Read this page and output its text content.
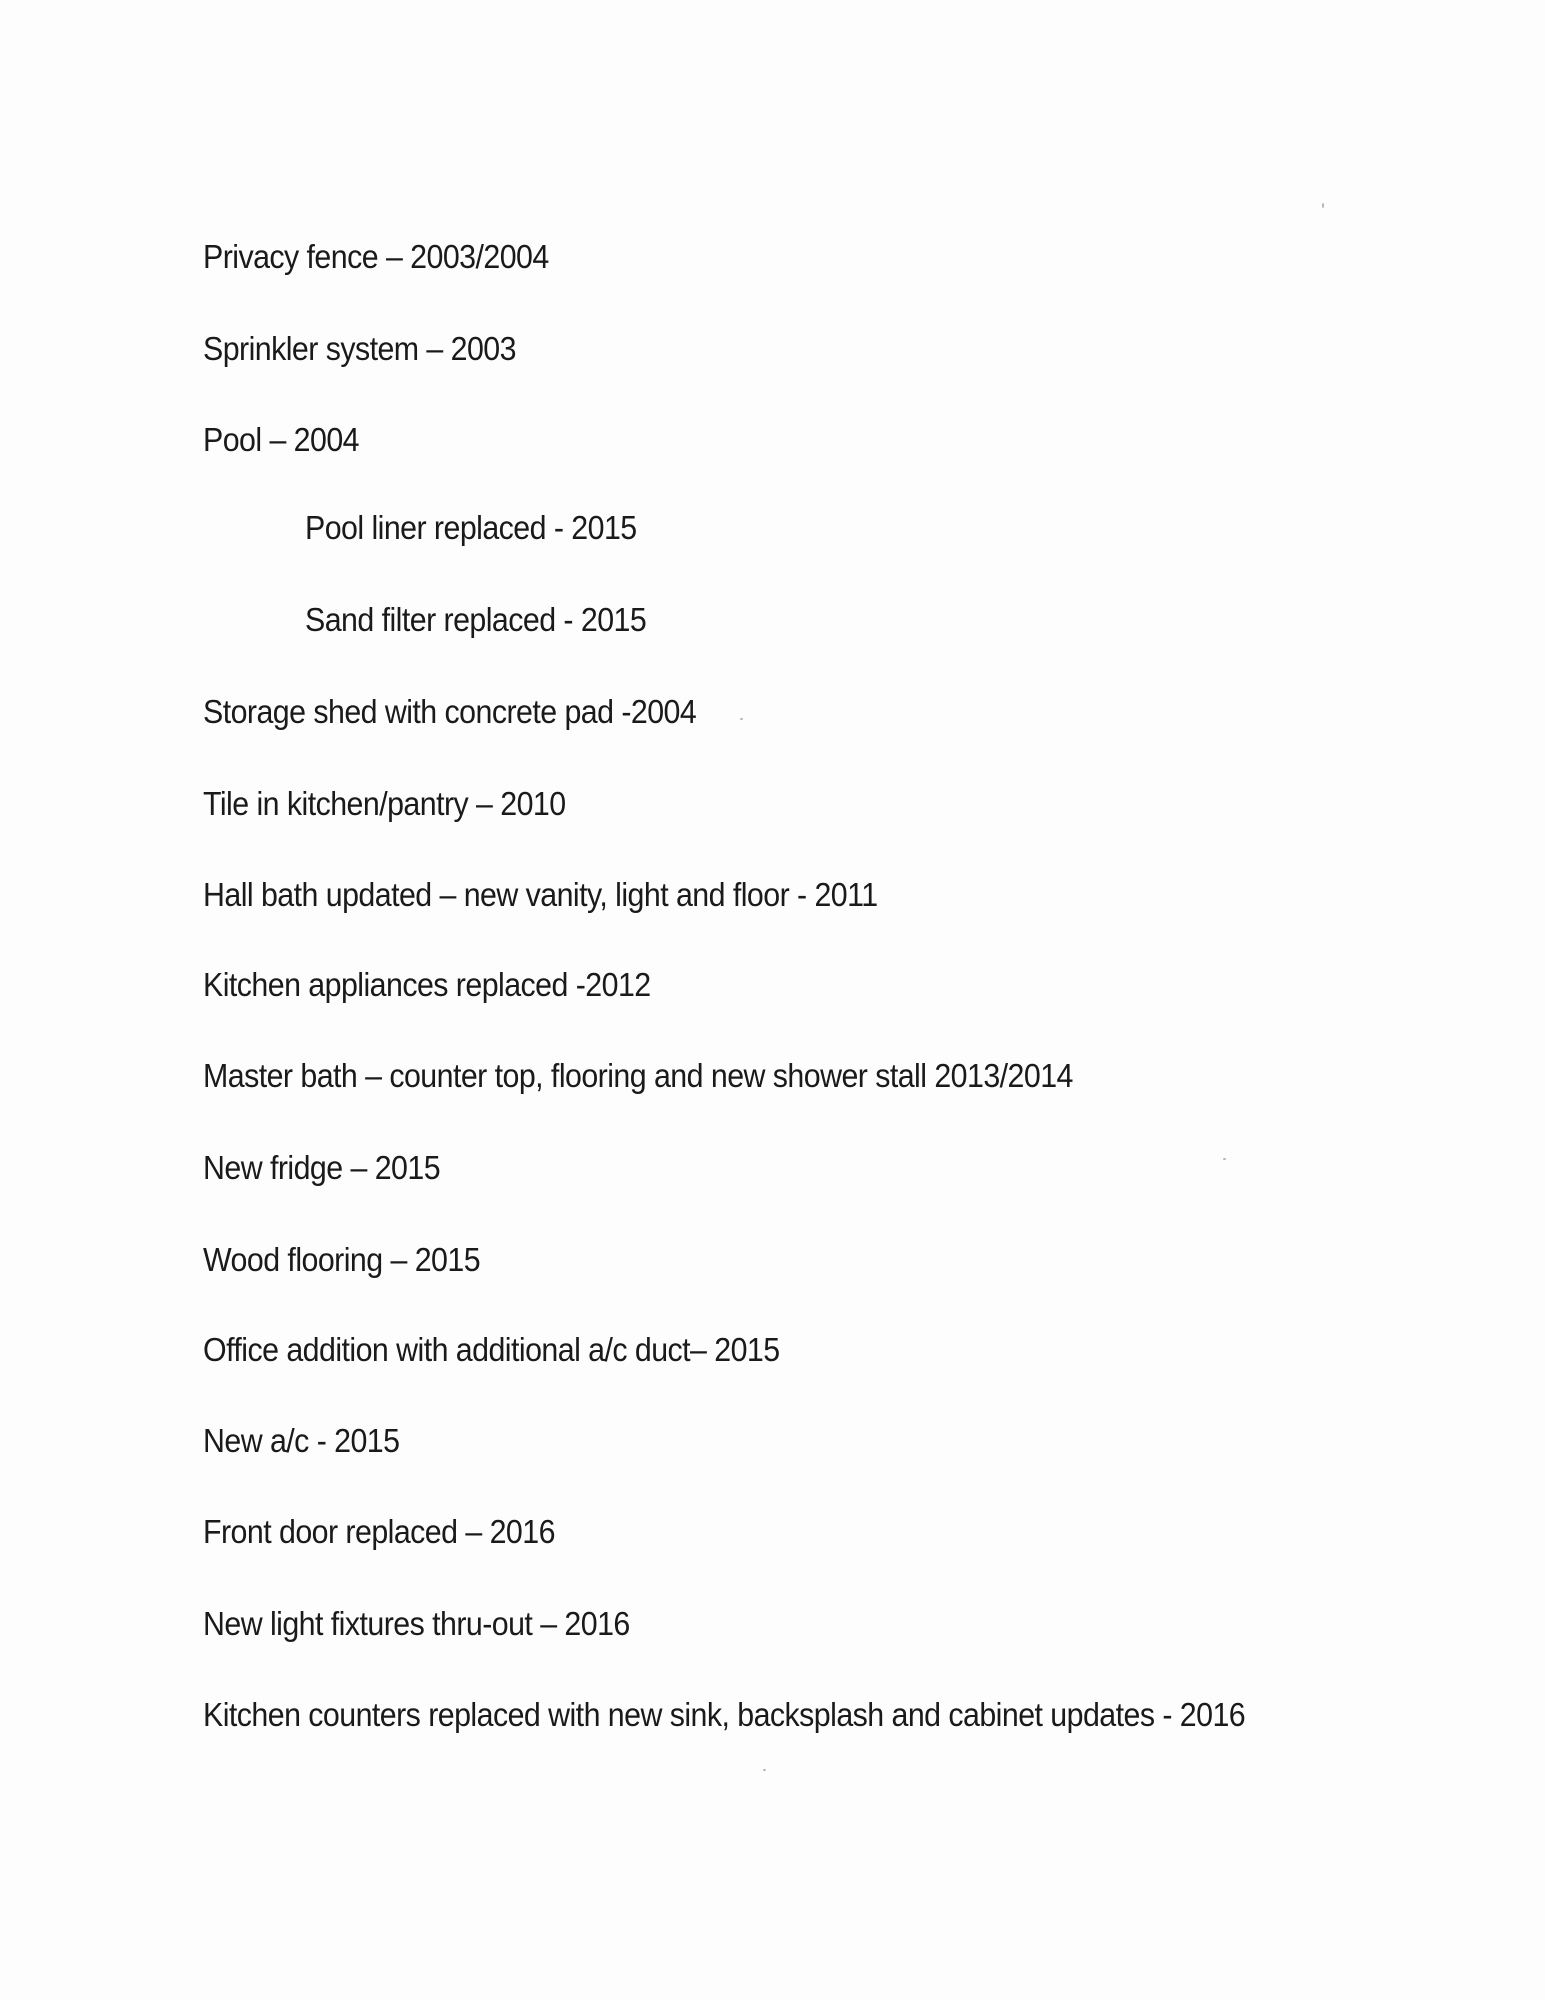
Privacy fence – 2003/2004
Sprinkler system – 2003
Pool – 2004
Pool liner replaced - 2015
Sand filter replaced - 2015
Storage shed with concrete pad -2004
Tile in kitchen/pantry – 2010
Hall bath updated – new vanity, light and floor - 2011
Kitchen appliances replaced -2012
Master bath – counter top, flooring and new shower stall 2013/2014
New fridge – 2015
Wood flooring – 2015
Office addition with additional a/c duct– 2015
New a/c - 2015
Front door replaced – 2016
New light fixtures thru-out – 2016
Kitchen counters replaced with new sink, backsplash and cabinet updates - 2016
